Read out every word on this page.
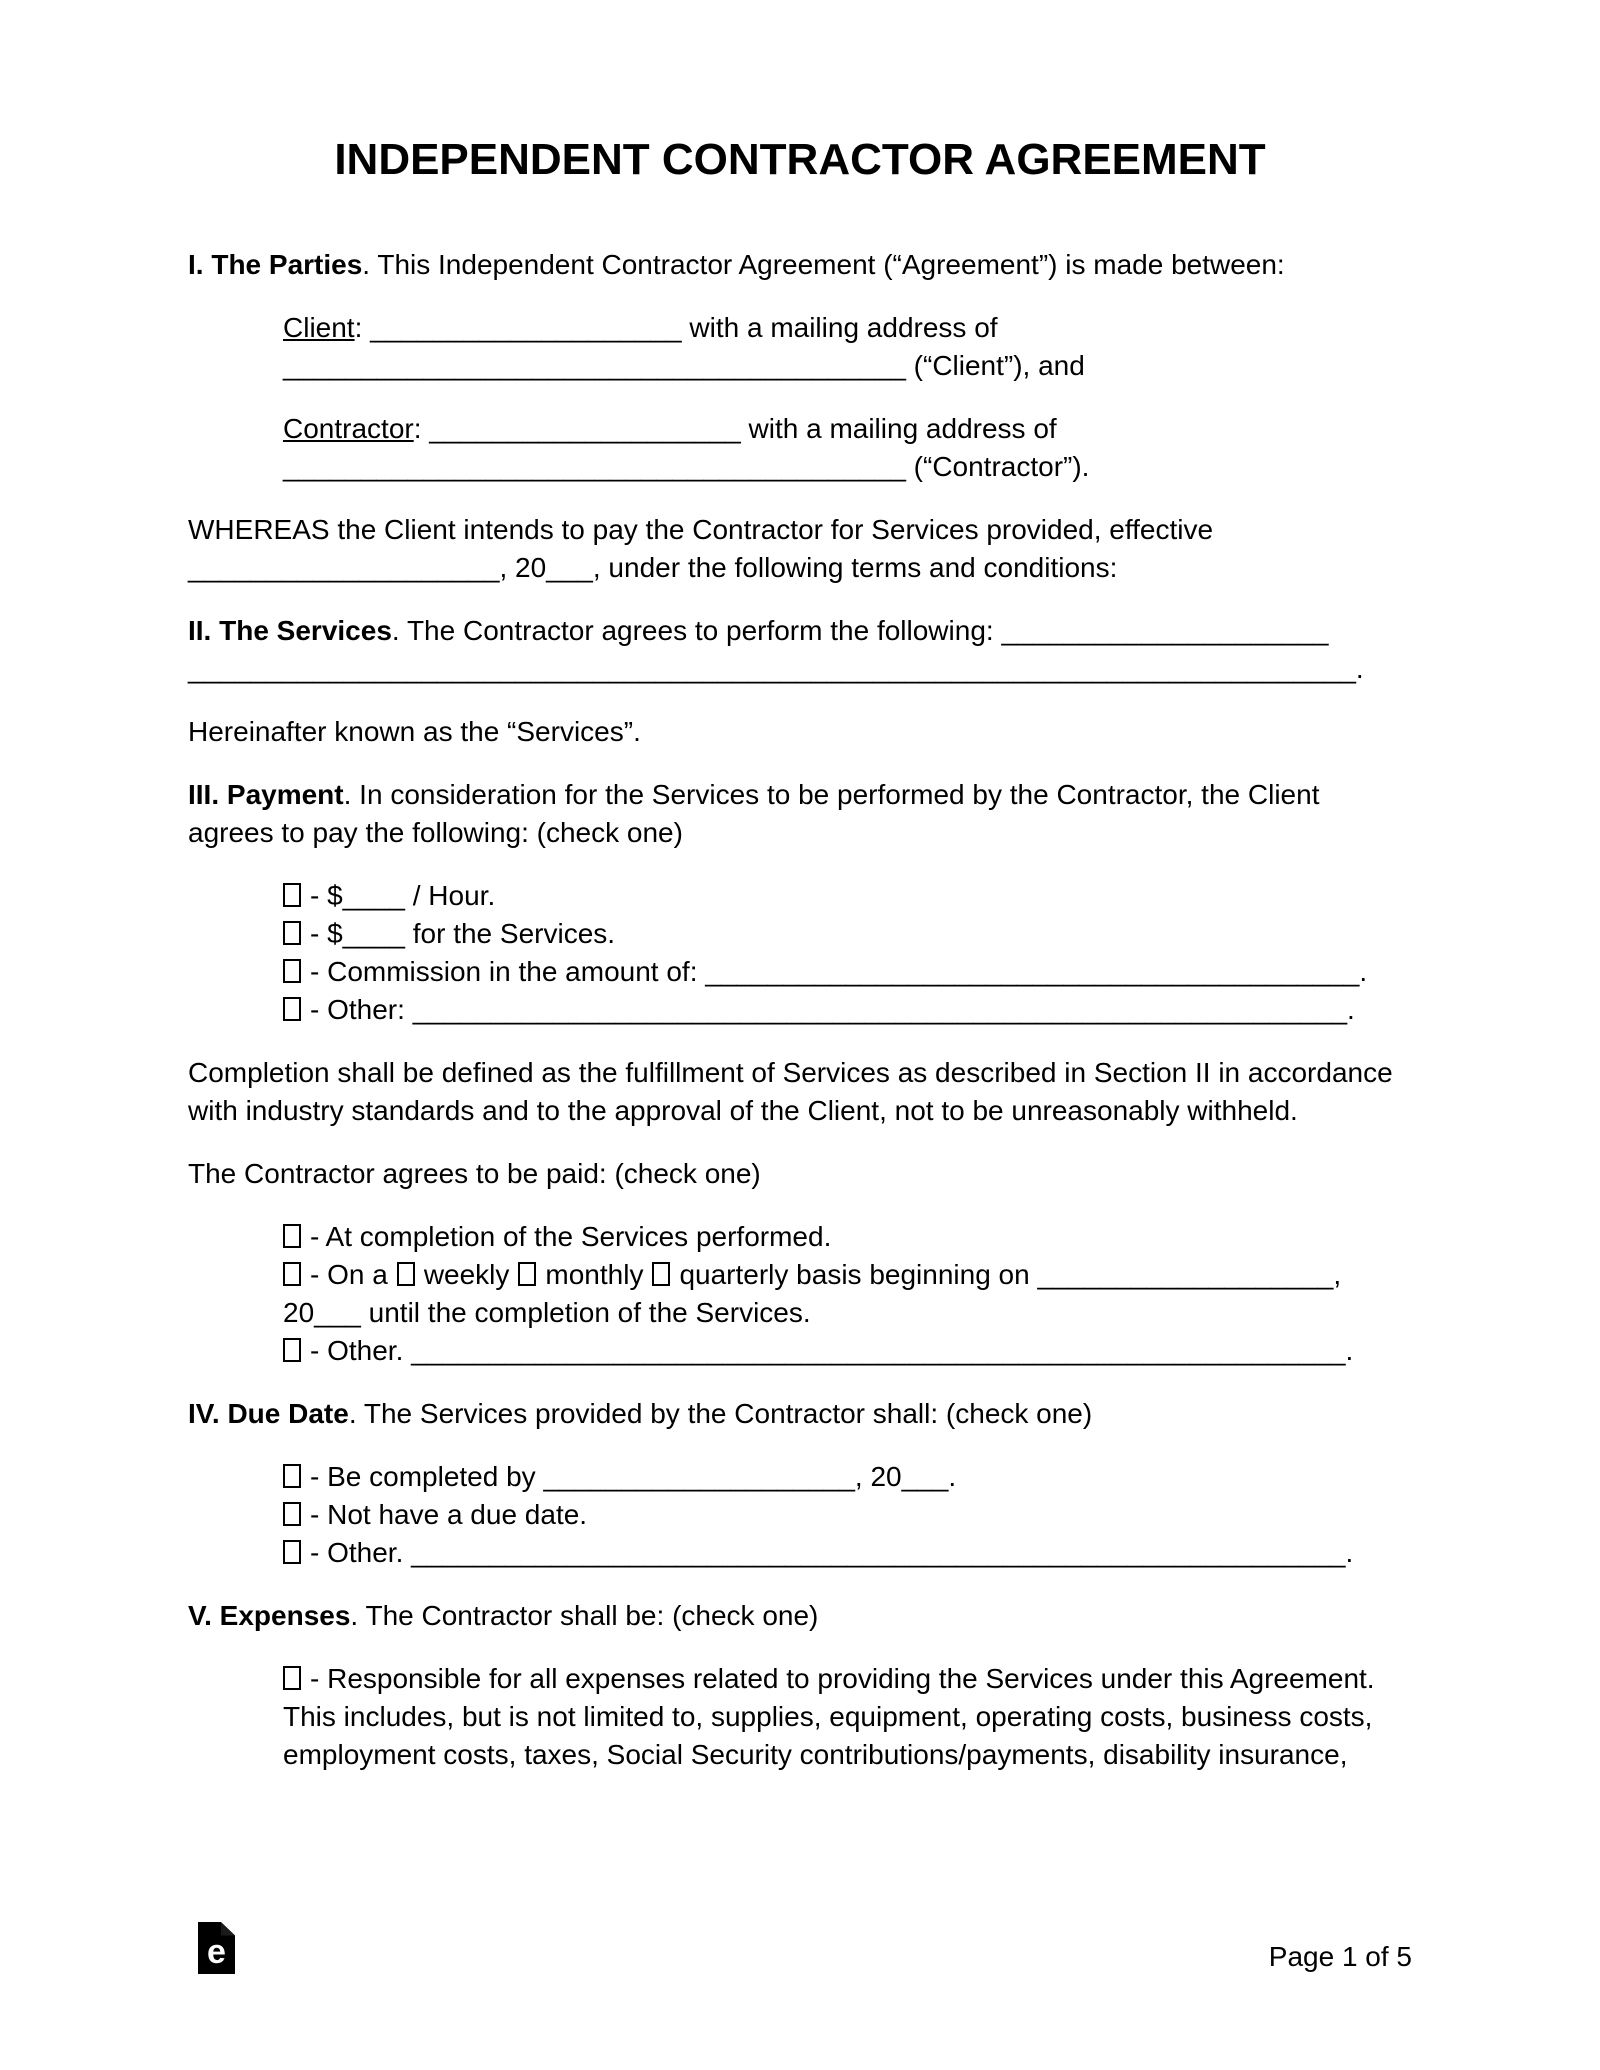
INDEPENDENT CONTRACTOR AGREEMENT

I. The Parties. This Independent Contractor Agreement (“Agreement”) is made between:

Client: ____________________ with a mailing address of
________________________________________ (“Client”), and

Contractor: ____________________ with a mailing address of
________________________________________ (“Contractor”).

WHEREAS the Client intends to pay the Contractor for Services provided, effective
____________________, 20___, under the following terms and conditions:

II. The Services. The Contractor agrees to perform the following: _____________________
___________________________________________________________________________.

Hereinafter known as the “Services”.

III. Payment. In consideration for the Services to be performed by the Contractor, the Client agrees to pay the following: (check one)

- $____ / Hour.
- $____ for the Services.
- Commission in the amount of: __________________________________________.
- Other: ____________________________________________________________.

Completion shall be defined as the fulfillment of Services as described in Section II in accordance with industry standards and to the approval of the Client, not to be unreasonably withheld.

The Contractor agrees to be paid: (check one)

- At completion of the Services performed.
- On a weekly monthly quarterly basis beginning on ___________________,
20___ until the completion of the Services.
- Other. ____________________________________________________________.

IV. Due Date. The Services provided by the Contractor shall: (check one)

- Be completed by ____________________, 20___.
- Not have a due date.
- Other. ____________________________________________________________.

V. Expenses. The Contractor shall be: (check one)

- Responsible for all expenses related to providing the Services under this Agreement. This includes, but is not limited to, supplies, equipment, operating costs, business costs, employment costs, taxes, Social Security contributions/payments, disability insurance,
e	Page 1 of 5
